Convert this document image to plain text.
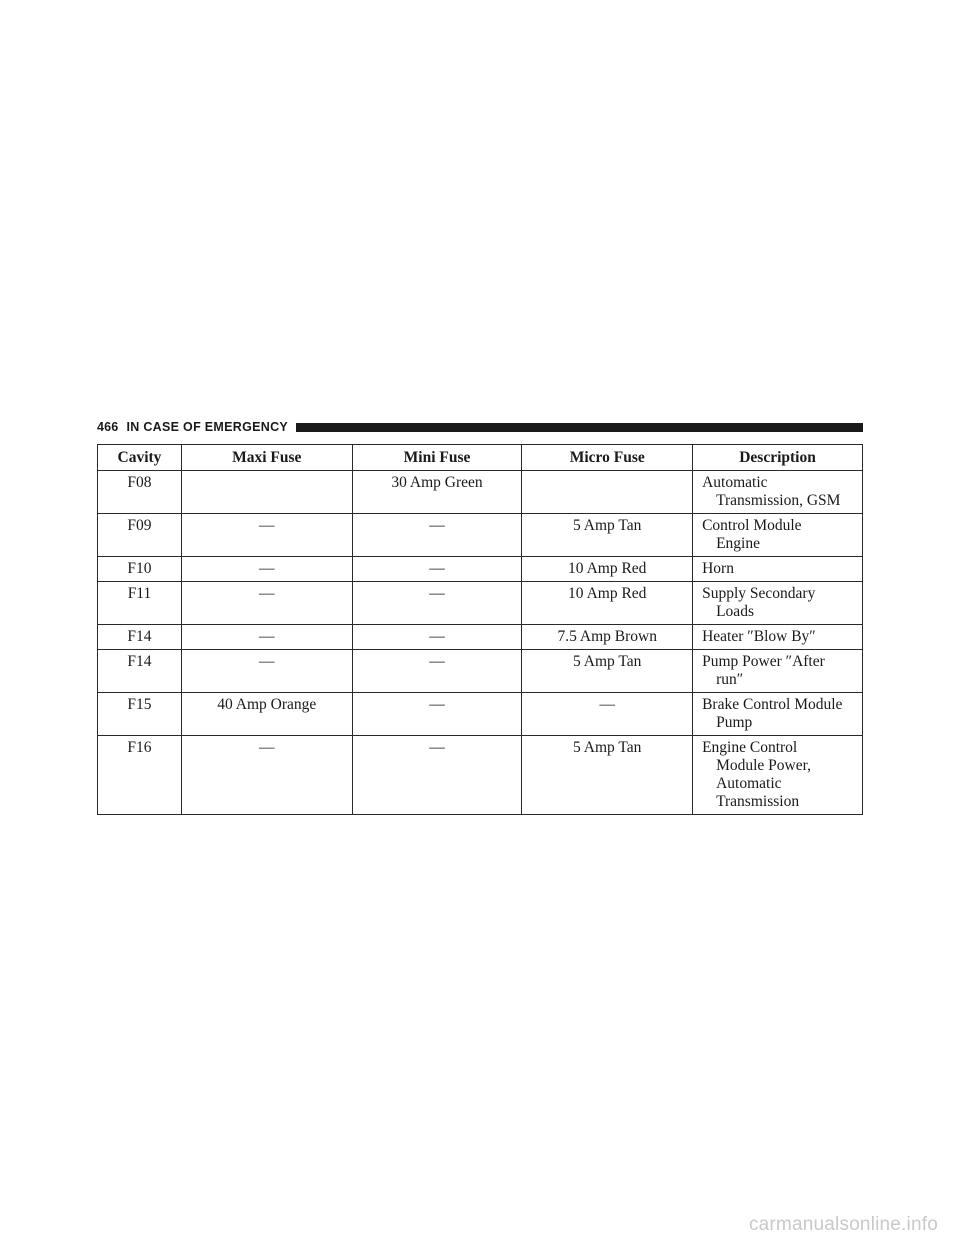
466 IN CASE OF EMERGENCY
Cavity	Maxi Fuse	Mini Fuse	Micro Fuse	Description
F08		30 Amp Green		Automatic
Transmission, GSM

F09	—	—	5 Amp Tan	Control Module
Engine

F10	—	—	10 Amp Red	Horn

F11	—	—	10 Amp Red	Supply Secondary
Loads

F14	—	—	7.5 Amp Brown	Heater ″Blow By″

F14	—	—	5 Amp Tan	Pump Power ″After
run″

F15	40 Amp Orange	—	—	Brake Control Module
Pump

F16	—	—	5 Amp Tan	Engine Control
Module Power,
Automatic
Transmission
carmanualsonline.info
